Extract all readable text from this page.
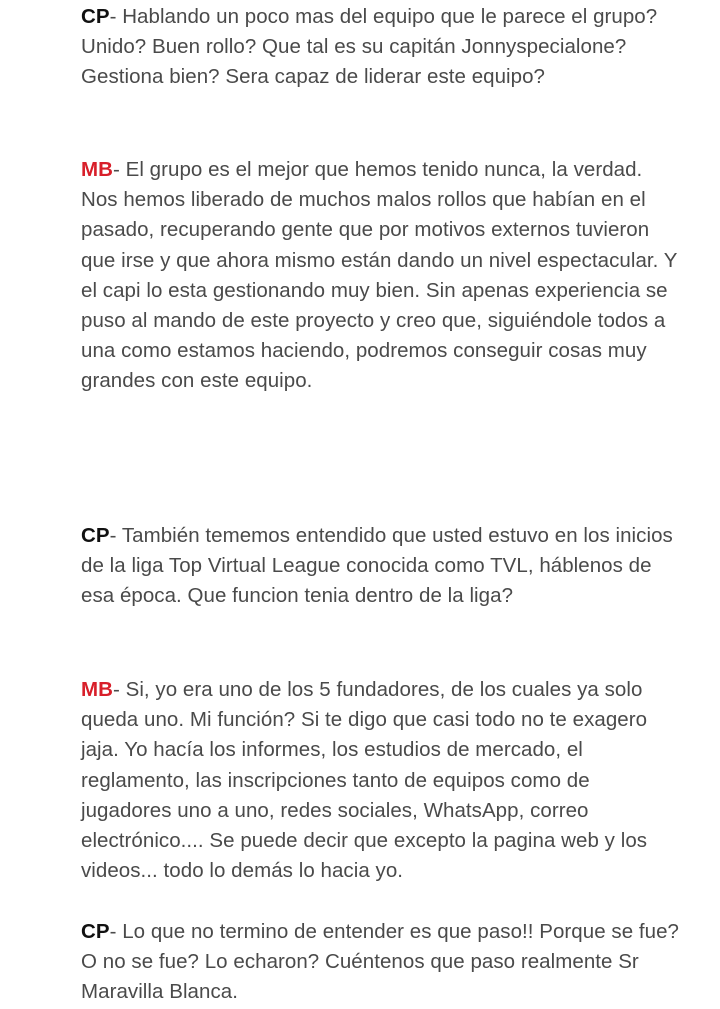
CP- Hablando un poco mas del equipo que le parece el grupo? Unido? Buen rollo? Que tal es su capitán Jonnyspecialone? Gestiona bien? Sera capaz de liderar este equipo?

MB- El grupo es el mejor que hemos tenido nunca, la verdad. Nos hemos liberado de muchos malos rollos que habían en el pasado, recuperando gente que por motivos externos tuvieron que irse y que ahora mismo están dando un nivel espectacular. Y el capi lo esta gestionando muy bien. Sin apenas experiencia se puso al mando de este proyecto y creo que, siguiéndole todos a una como estamos haciendo, podremos conseguir cosas muy grandes con este equipo.

CP- También tememos entendido que usted estuvo en los inicios de la liga Top Virtual League conocida como TVL, háblenos de esa época. Que funcion tenia dentro de la liga?

MB- Si, yo era uno de los 5 fundadores, de los cuales ya solo queda uno. Mi función? Si te digo que casi todo no te exagero jaja. Yo hacía los informes, los estudios de mercado, el reglamento, las inscripciones tanto de equipos como de jugadores uno a uno, redes sociales, WhatsApp, correo electrónico.... Se puede decir que excepto la pagina web y los videos... todo lo demás lo hacia yo.

CP- Lo que no termino de entender es que paso!! Porque se fue? O no se fue? Lo echaron? Cuéntenos que paso realmente Sr Maravilla Blanca.
